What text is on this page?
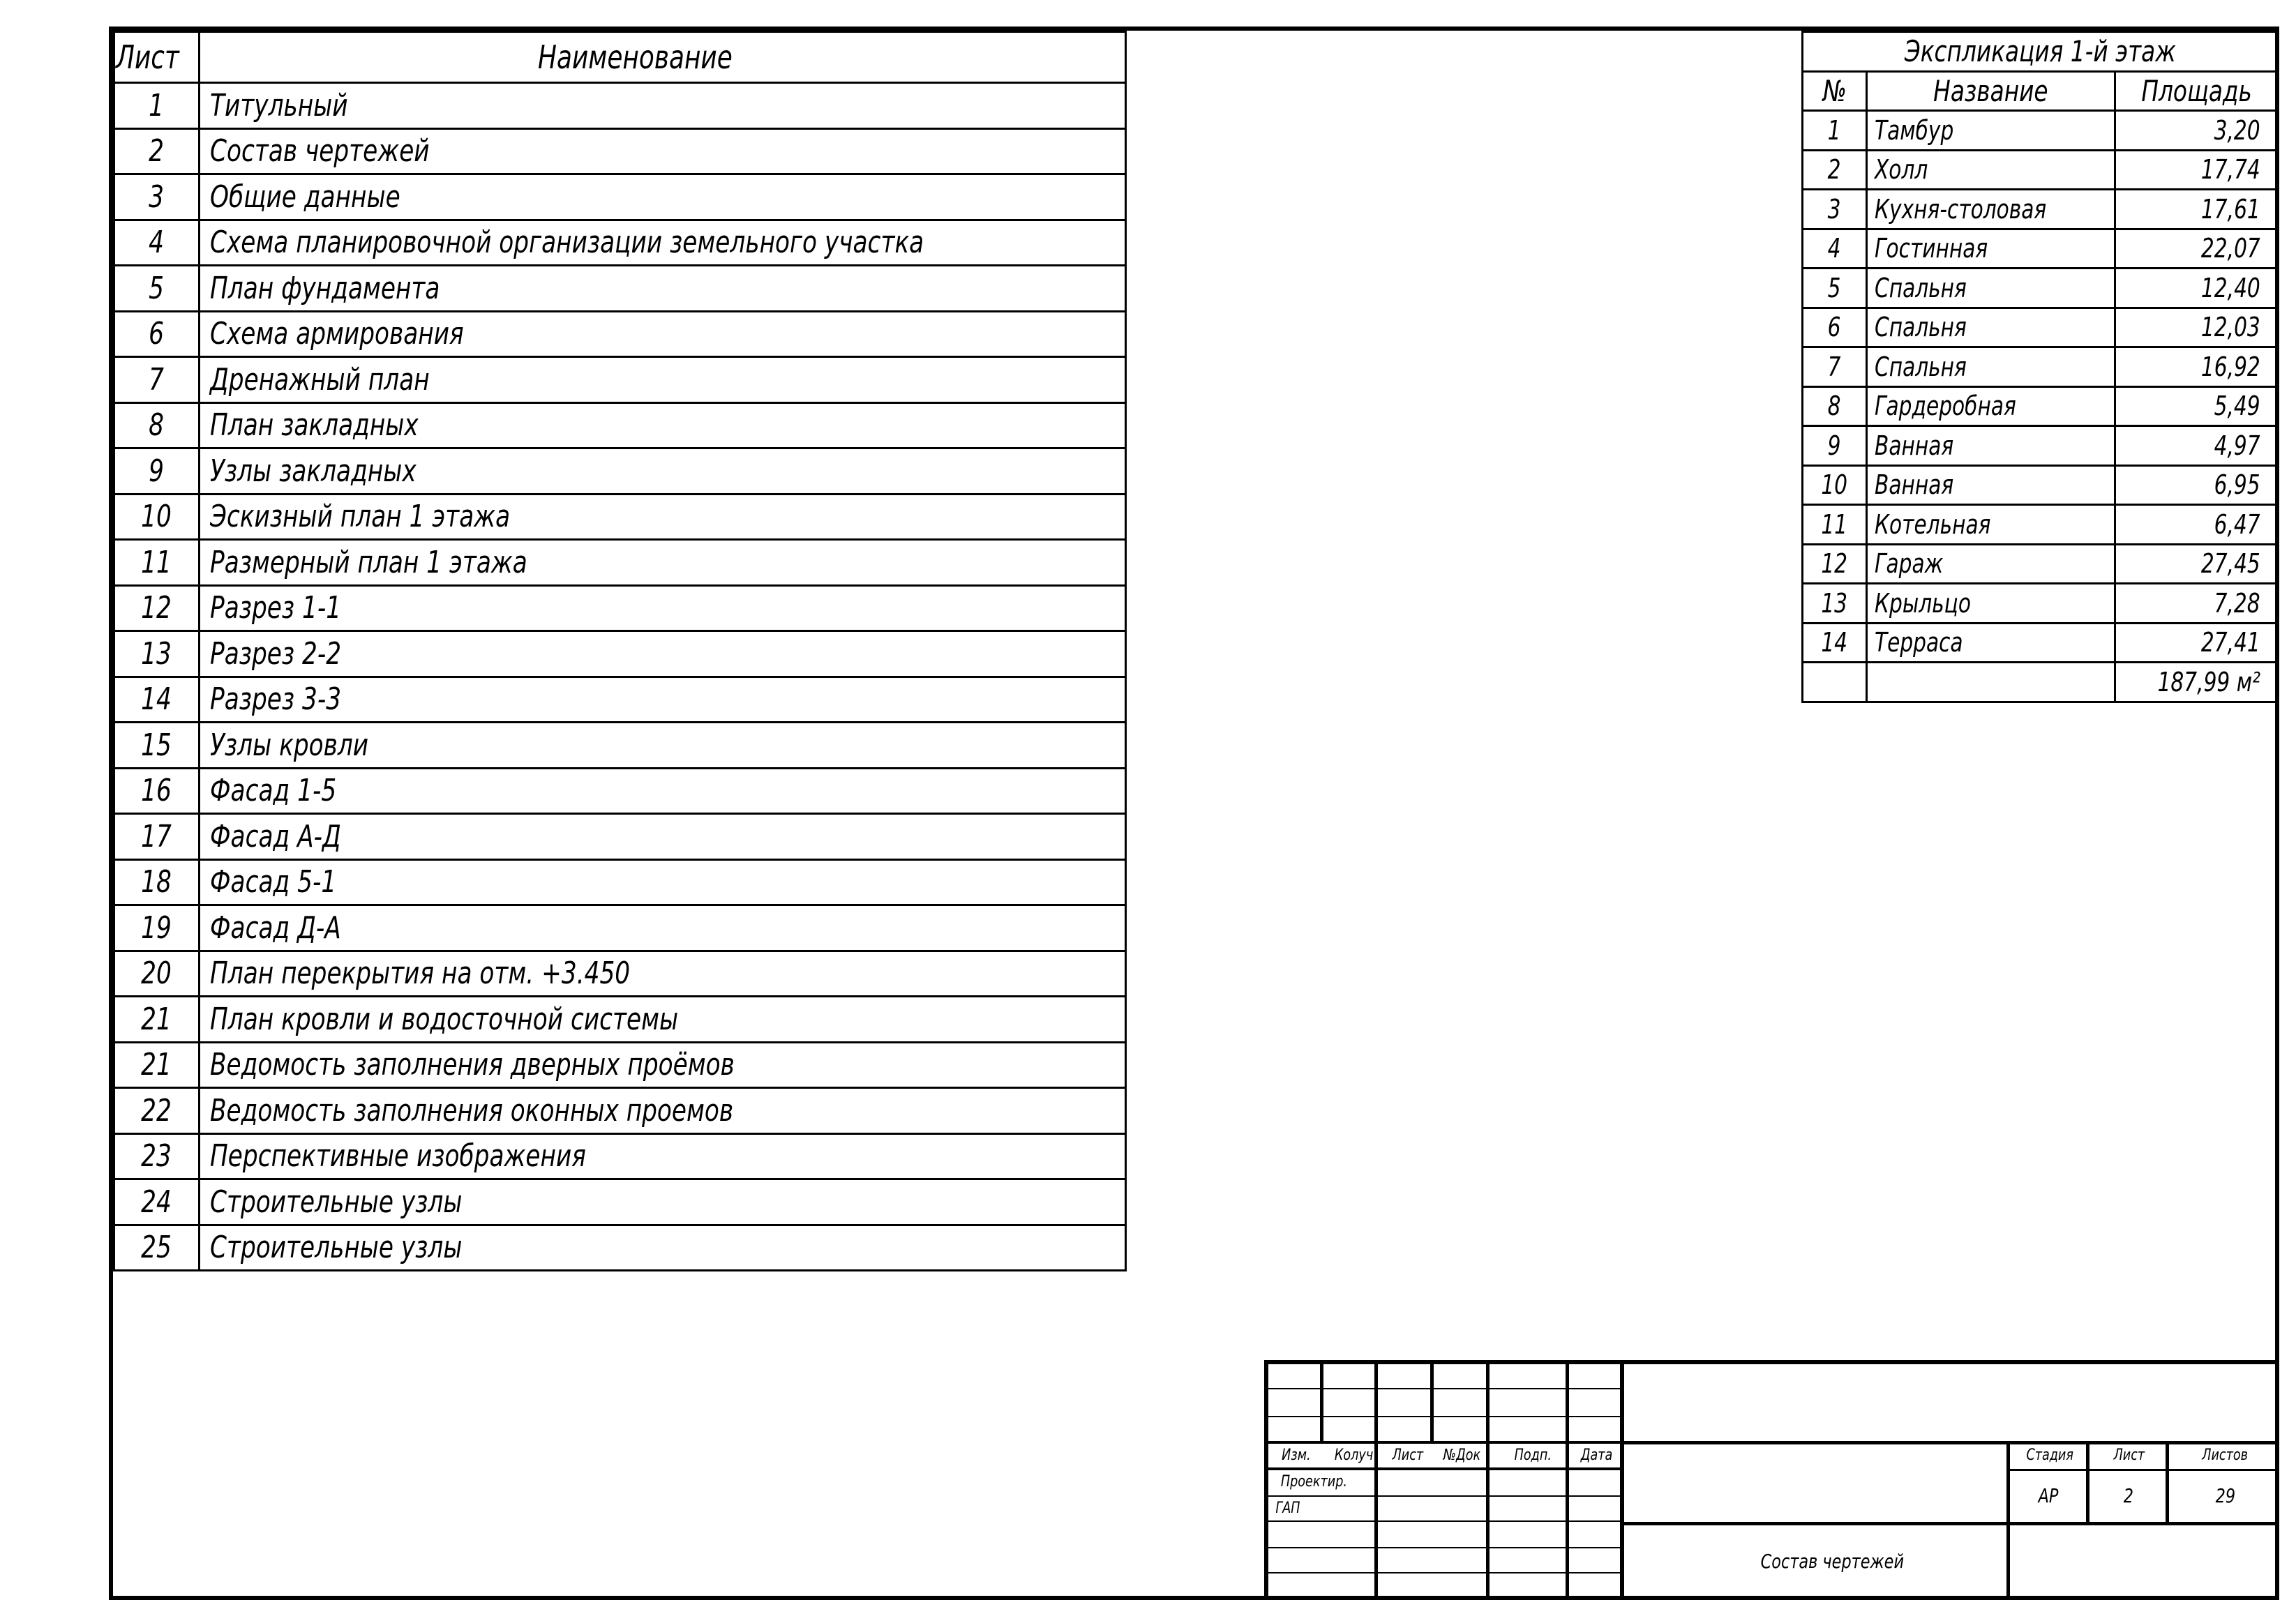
Лист	Наименование
1	Титульный
2	Состав чертежей
3	Общие данные
4	Схема планировочной организации земельного участка
5	План фундамента
6	Схема армирования
7	Дренажный план
8	План закладных
9	Узлы закладных
10	Эскизный план 1 этажа
11	Размерный план 1 этажа
12	Разрез 1-1
13	Разрез 2-2
14	Разрез 3-3
15	Узлы кровли
16	Фасад 1-5
17	Фасад А-Д
18	Фасад 5-1
19	Фасад Д-А
20	План перекрытия на отм. +3.450
21	План кровли и водосточной системы
21	Ведомость заполнения дверных проёмов
22	Ведомость заполнения оконных проемов
23	Перспективные изображения
24	Строительные узлы
25	Строительные узлы
Экспликация 1-й этаж		
№	Название	Площадь
1	Тамбур	3,20
2	Холл	17,74
3	Кухня-столовая	17,61
4	Гостинная	22,07
5	Спальня	12,40
6	Спальня	12,03
7	Спальня	16,92
8	Гардеробная	5,49
9	Ванная	4,97
10	Ванная	6,95
11	Котельная	6,47
12	Гараж	27,45
13	Крыльцо	7,28
14	Терраса	27,41
		187,99 м²
Изм. Колуч Лист №Док Подп. Дата
Проектир.
ГАП
Стадия	Лист	Листов
АР	2	29
Состав чертежей
